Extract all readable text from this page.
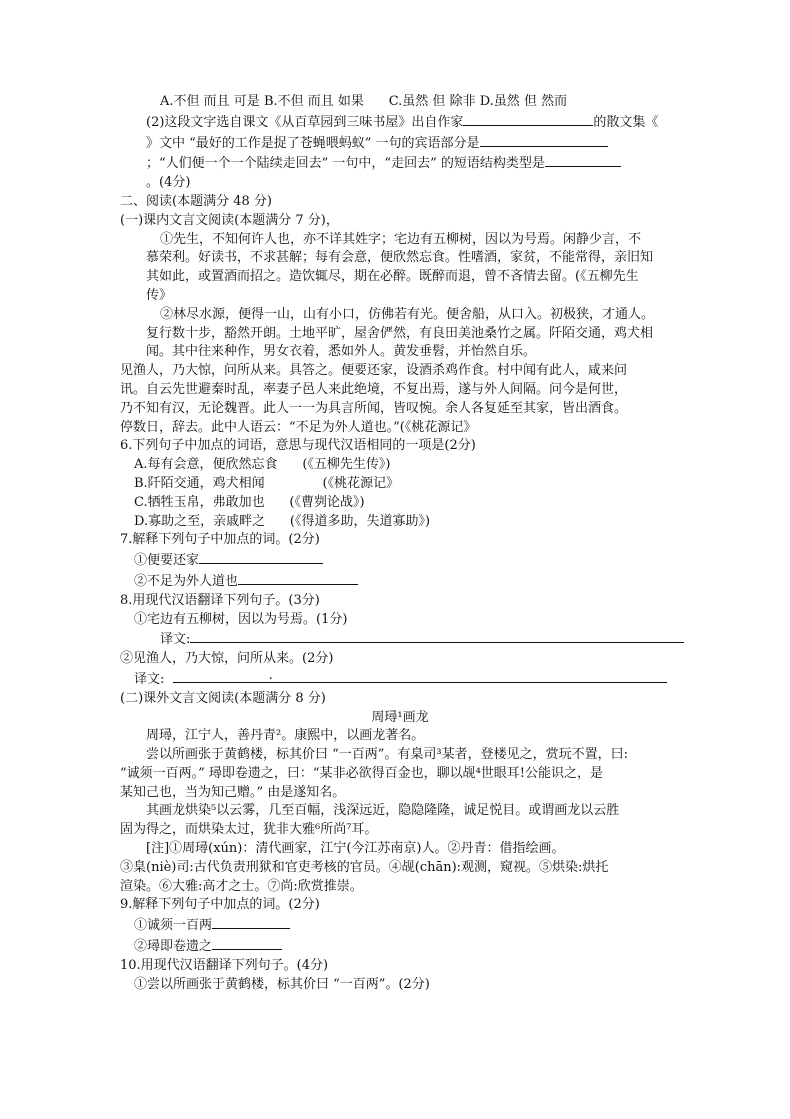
A.不但 而且 可是 B.不但 而且 如果 C.虽然 但 除非 D.虽然 但 然而
(2)这段文字选自课文《从百草园到三味书屋》出自作家	的散文集《
》文中 “最好的工作是捉了苍蝇喂蚂蚁” 一句的宾语部分是
；“人们便一个一个陆续走回去” 一句中，“走回去” 的短语结构类型是
。(4分)
二、阅读(本题满分 48 分)
(一)课内文言文阅读(本题满分 7 分)，
①先生，不知何许人也，亦不详其姓字；宅边有五柳树，因以为号焉。闲静少言，不
慕荣利。好读书，不求甚解；每有会意，便欣然忘食。性嗜酒，家贫，不能常得，亲旧知
其如此，或置酒而招之。造饮辄尽，期在必醉。既醉而退，曾不吝情去留。(《五柳先生
传》
②林尽水源，便得一山，山有小口，仿佛若有光。便舍船，从口入。初极狭，才通人。
复行数十步，豁然开朗。土地平旷，屋舍俨然，有良田美池桑竹之属。阡陌交通，鸡犬相
闻。其中往来种作，男女衣着，悉如外人。黄发垂髫，并怡然自乐。
见渔人，乃大惊，问所从来。具答之。便要还家，设酒杀鸡作食。村中闻有此人，咸来问
讯。自云先世避秦时乱，率妻子邑人来此绝境，不复出焉，遂与外人间隔。问今是何世，
乃不知有汉，无论魏晋。此人一一为具言所闻，皆叹惋。余人各复延至其家，皆出酒食。
停数日，辞去。此中人语云：“不足为外人道也。”(《桃花源记》
6.下列句子中加点的词语，意思与现代汉语相同的一项是(2分)
A.每有会意，便欣然忘食 (《五柳先生传》)
B.阡陌交通，鸡犬相闻	(《桃花源记》
C.牺牲玉帛，弗敢加也 (《曹刿论战》)
D.寡助之至，亲戚畔之 (《得道多助，失道寡助》)
7.解释下列句子中加点的词。(2分)
①便要还家
②不足为外人道也
8.用现代汉语翻译下列句子。(3分)
①宅边有五柳树，因以为号焉。(1分)
译文:
②见渔人，乃大惊，问所从来。(2分)
译文:	.
(二)课外文言文阅读(本题满分 8 分)
周璕¹画龙
周璕，江宁人，善丹青²。康熙中，以画龙著名。
尝以所画张于黄鹤楼，标其价曰 “一百两”。有臬司³某者，登楼见之，赏玩不置，曰:
“诚须一百两。” 璕即卷遗之，曰：“某非必欲得百金也，聊以觇⁴世眼耳!公能识之，是
某知己也，当为知己赠。” 由是遂知名。
其画龙烘染⁵以云雾，几至百幅，浅深远近，隐隐隆隆，诚足悦目。或谓画龙以云胜
固为得之，而烘染太过，犹非大雅⁶所尚⁷耳。
[注]①周璕(xún)：清代画家，江宁(今江苏南京)人。②丹青：借指绘画。
③臬(niè)司:古代负责刑狱和官吏考核的官员。④觇(chān):观测，窥视。⑤烘染:烘托
渲染。⑥大雅:高才之士。⑦尚:欣赏推崇。
9.解释下列句子中加点的词。(2分)
①诚须一百两
②璕即卷遗之
10.用现代汉语翻译下列句子。(4分)
①尝以所画张于黄鹤楼，标其价曰 “一百两”。(2分)
